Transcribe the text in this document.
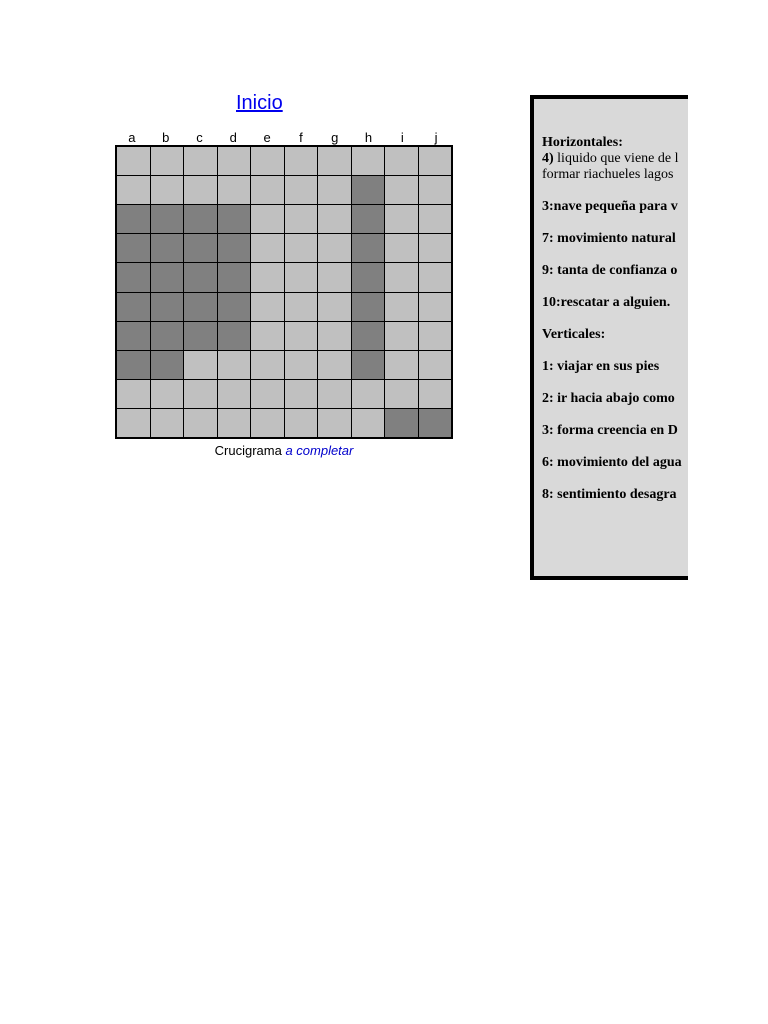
Inicio
a	b	c	d	e	f	g	h	i	j
Crucigrama a completar
Horizontales:
4) liquido que viene de l
formar riachueles lagos
3:nave pequeña para v
7: movimiento natural
9: tanta de confianza o
10:rescatar a alguien.
Verticales:
1: viajar en sus pies
2: ir hacia abajo como
3: forma creencia en D
6: movimiento del agua
8: sentimiento desagra
